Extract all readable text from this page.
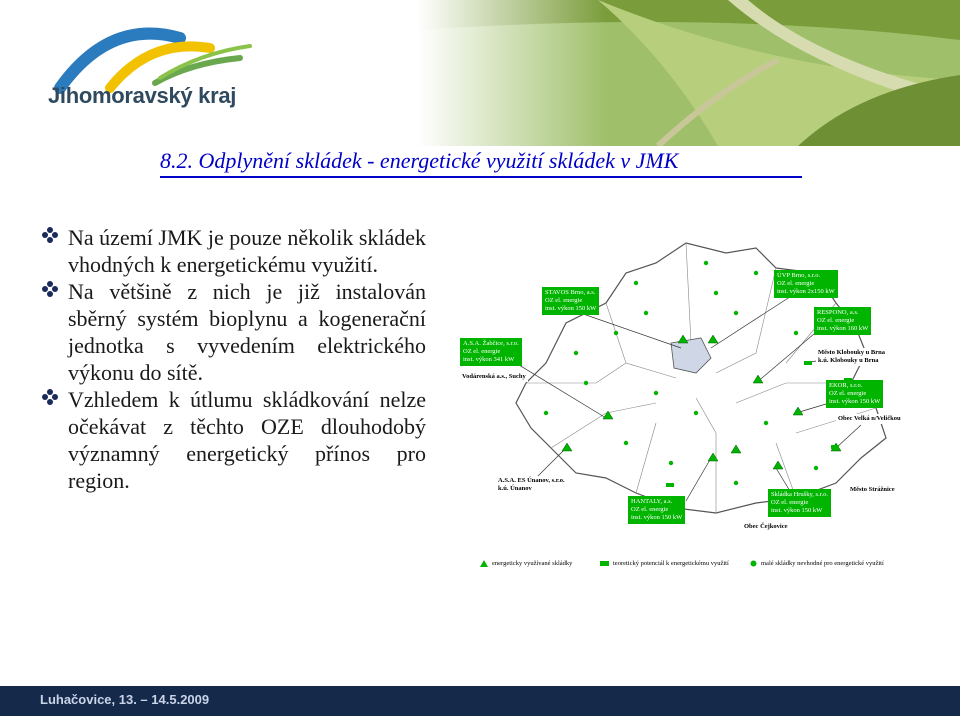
Jihomoravský kraj
8.2. Odplynění skládek - energetické využití skládek v JMK
Na území JMK je pouze několik skládek vhodných k energetickému využití.
Na většině z nich je již instalován sběrný systém bioplynu a kogenerační jednotka s vyvedením elektrického výkonu do sítě.
Vzhledem k útlumu skládkování nelze očekávat z těchto OZE dlouhodobý významný energetický přínos pro region.
STAVOS Brno, a.s.
OZ el. energie
inst. výkon 150 kW
ÚVP Brno, s.r.o.
OZ el. energie
inst. výkon 2x150 kW
RESPONO, a.s.
OZ el. energie
inst. výkon 160 kW
A.S.A. Žabčice, s.r.o.
OZ el. energie
inst. výkon 341 kW
EKOR, s.r.o.
OZ el. energie
inst. výkon 150 kW
HANTALY, a.s.
OZ el. energie
inst. výkon 150 kW
Skládka Hrušky, s.r.o.
OZ el. energie
inst. výkon 150 kW
Vodárenská a.s., Suchy
Město Klobouky u Brna
k.ú. Klobouky u Brna
Obec Velká n/Veličkou
A.S.A. ES Únanov, s.r.o.
k.ú. Únanov	Město Strážnice
Obec Čejkovice
energeticky využívané skládky	teoretický potenciál k energetickému využití	malé skládky nevhodné pro energetické využití
Luhačovice, 13. – 14.5.2009
